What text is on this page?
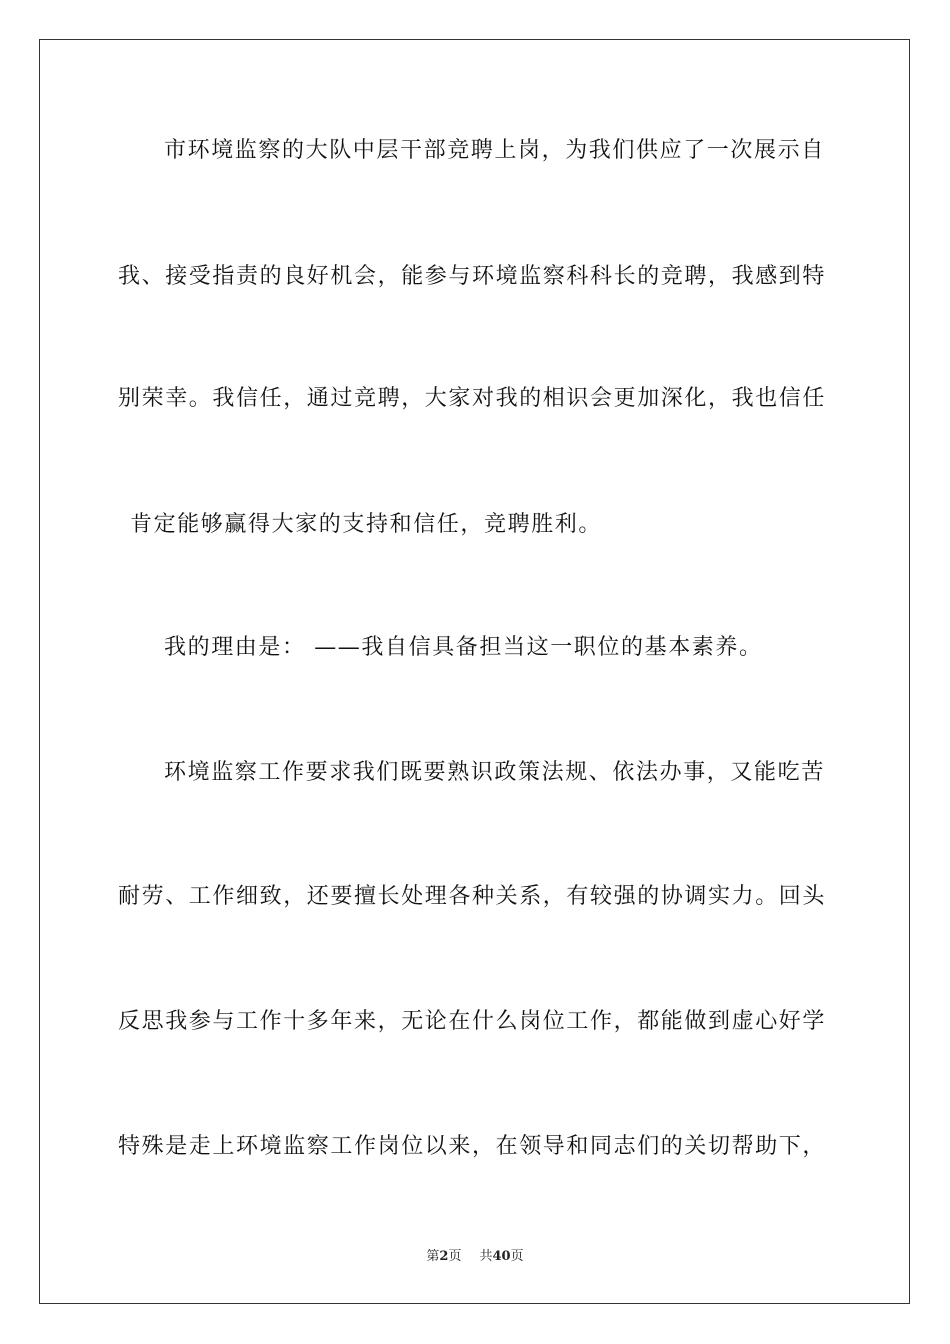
市环境监察的大队中层干部竞聘上岗，为我们供应了一次展示自
我、接受指责的良好机会，能参与环境监察科科长的竞聘，我感到特
别荣幸。我信任，通过竞聘，大家对我的相识会更加深化，我也信任
肯定能够赢得大家的支持和信任，竞聘胜利。
我的理由是： ——我自信具备担当这一职位的基本素养。
环境监察工作要求我们既要熟识政策法规、依法办事，又能吃苦
耐劳、工作细致，还要擅长处理各种关系，有较强的协调实力。回头
反思我参与工作十多年来，无论在什么岗位工作，都能做到虚心好学
特殊是走上环境监察工作岗位以来，在领导和同志们的关切帮助下，
第2页 共40页
